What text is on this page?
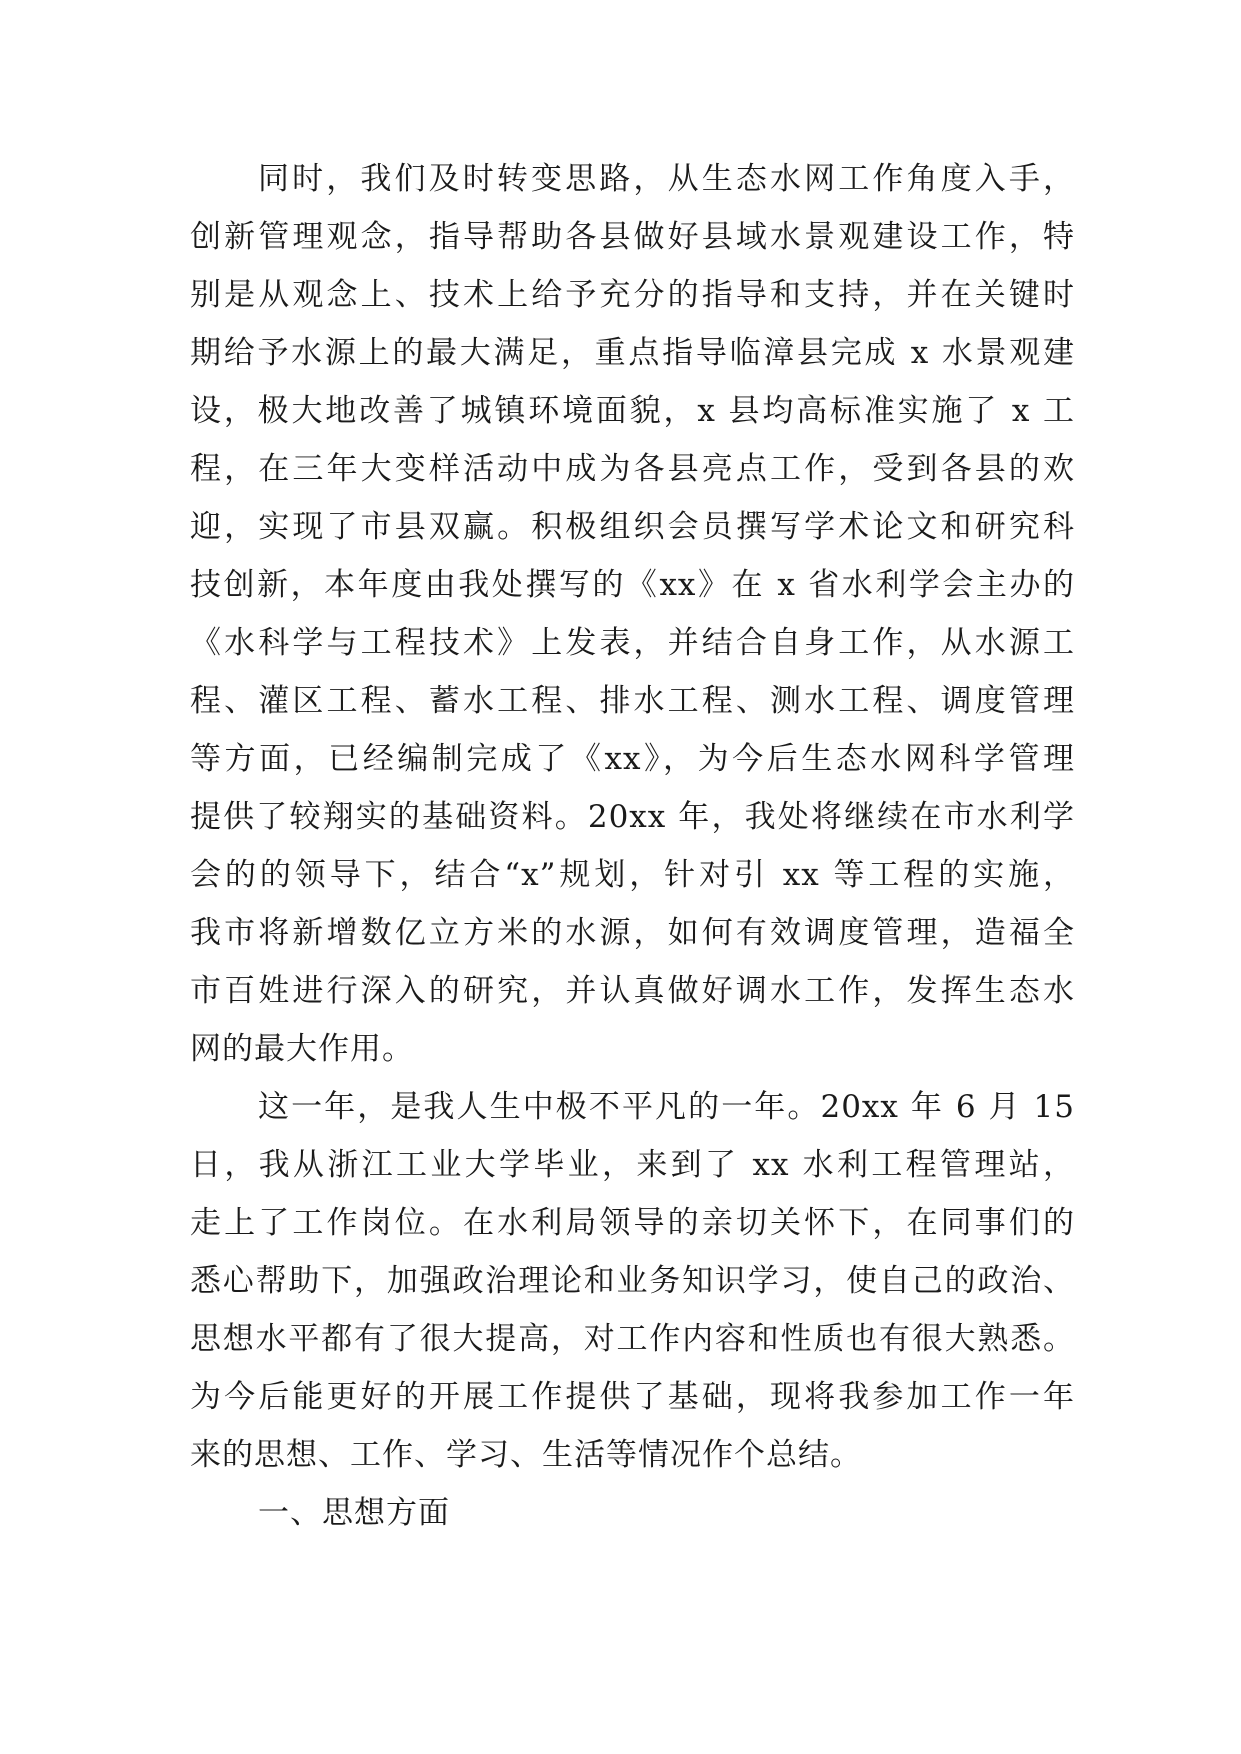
同时，我们及时转变思路，从生态水网工作角度入手，
创新管理观念，指导帮助各县做好县域水景观建设工作，特
别是从观念上、技术上给予充分的指导和支持，并在关键时
期给予水源上的最大满足，重点指导临漳县完成 x 水景观建
设，极大地改善了城镇环境面貌，x 县均高标准实施了 x 工
程，在三年大变样活动中成为各县亮点工作，受到各县的欢
迎，实现了市县双赢。积极组织会员撰写学术论文和研究科
技创新，本年度由我处撰写的《xx》在 x 省水利学会主办的
《水科学与工程技术》上发表，并结合自身工作，从水源工
程、灌区工程、蓄水工程、排水工程、测水工程、调度管理
等方面，已经编制完成了《xx》，为今后生态水网科学管理
提供了较翔实的基础资料。20xx 年，我处将继续在市水利学
会的的领导下，结合“x”规划，针对引 xx 等工程的实施，
我市将新增数亿立方米的水源，如何有效调度管理，造福全
市百姓进行深入的研究，并认真做好调水工作，发挥生态水
网的最大作用。
这一年，是我人生中极不平凡的一年。20xx 年 6 月 15
日，我从浙江工业大学毕业，来到了 xx 水利工程管理站，
走上了工作岗位。在水利局领导的亲切关怀下，在同事们的
悉心帮助下，加强政治理论和业务知识学习，使自己的政治、
思想水平都有了很大提高，对工作内容和性质也有很大熟悉。
为今后能更好的开展工作提供了基础，现将我参加工作一年
来的思想、工作、学习、生活等情况作个总结。
一、思想方面
